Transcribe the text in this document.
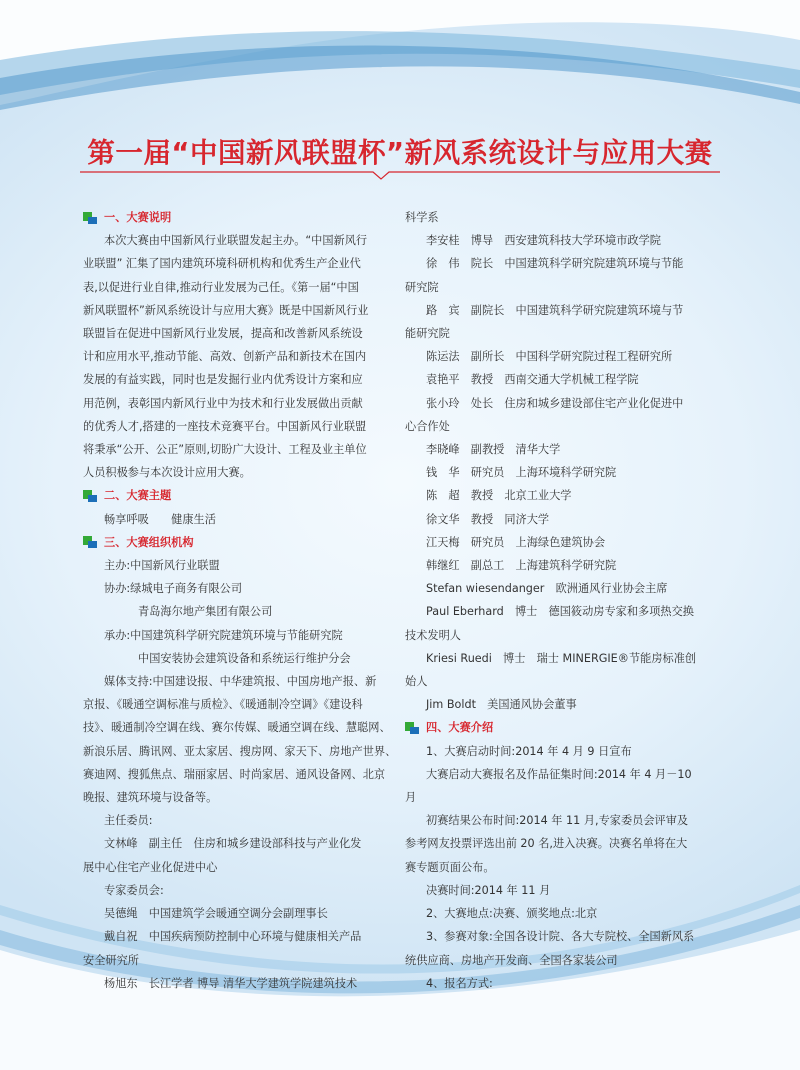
第一届“中国新风联盟杯”新风系统设计与应用大赛
一、大赛说明
本次大赛由中国新风行业联盟发起主办。“中国新风行
业联盟” 汇集了国内建筑环境科研机构和优秀生产企业代
表,以促进行业自律,推动行业发展为己任。《第一届“中国
新风联盟杯”新风系统设计与应用大赛》既是中国新风行业
联盟旨在促进中国新风行业发展，提高和改善新风系统设
计和应用水平,推动节能、高效、创新产品和新技术在国内
发展的有益实践，同时也是发掘行业内优秀设计方案和应
用范例，表彰国内新风行业中为技术和行业发展做出贡献
的优秀人才,搭建的一座技术竞赛平台。中国新风行业联盟
将秉承“公开、公正”原则,切盼广大设计、工程及业主单位
人员积极参与本次设计应用大赛。
二、大赛主题
畅享呼吸　　健康生活
三、大赛组织机构
主办:中国新风行业联盟
协办:绿城电子商务有限公司
青岛海尔地产集团有限公司
承办:中国建筑科学研究院建筑环境与节能研究院
中国安装协会建筑设备和系统运行维护分会
媒体支持:中国建设报、中华建筑报、中国房地产报、新
京报、《暖通空调标准与质检》、《暖通制冷空调》《建设科
技》、暖通制冷空调在线、赛尔传媒、暖通空调在线、慧聪网、
新浪乐居、腾讯网、亚太家居、搜房网、家天下、房地产世界、
赛迪网、搜狐焦点、瑞丽家居、时尚家居、通风设备网、北京
晚报、建筑环境与设备等。
主任委员:
文林峰　副主任　住房和城乡建设部科技与产业化发
展中心住宅产业化促进中心
专家委员会:
吴德绳　中国建筑学会暖通空调分会副理事长
戴自祝　中国疾病预防控制中心环境与健康相关产品
安全研究所
杨旭东　长江学者 博导 清华大学建筑学院建筑技术
科学系
李安桂　博导　西安建筑科技大学环境市政学院
徐　伟　院长　中国建筑科学研究院建筑环境与节能
研究院
路　宾　副院长　中国建筑科学研究院建筑环境与节
能研究院
陈运法　副所长　中国科学研究院过程工程研究所
袁艳平　教授　西南交通大学机械工程学院
张小玲　处长　住房和城乡建设部住宅产业化促进中
心合作处
李晓峰　副教授　清华大学
钱　华　研究员　上海环境科学研究院
陈　超　教授　北京工业大学
徐文华　教授　同济大学
江天梅　研究员　上海绿色建筑协会
韩继红　副总工　上海建筑科学研究院
Stefan wiesendanger　欧洲通风行业协会主席
Paul Eberhard　博士　德国筱动房专家和多项热交换
技术发明人
Kriesi Ruedi　博士　瑞士 MINERGIE®节能房标准创
始人
Jim Boldt　美国通风协会董事
四、大赛介绍
1、大赛启动时间:2014 年 4 月 9 日宣布
大赛启动大赛报名及作品征集时间:2014 年 4 月－10
月
初赛结果公布时间:2014 年 11 月,专家委员会评审及
参考网友投票评选出前 20 名,进入决赛。决赛名单将在大
赛专题页面公布。
决赛时间:2014 年 11 月
2、大赛地点:决赛、颁奖地点:北京
3、参赛对象:全国各设计院、各大专院校、全国新风系
统供应商、房地产开发商、全国各家装公司
4、报名方式:
